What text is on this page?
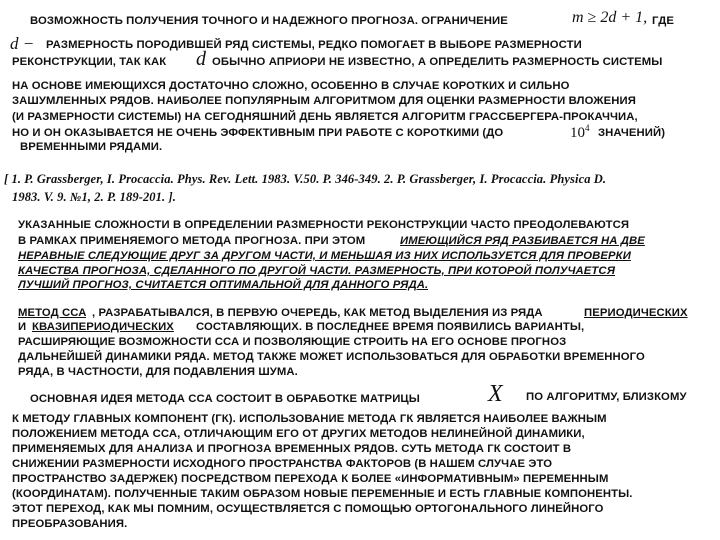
ВОЗМОЖНОСТЬ ПОЛУЧЕНИЯ ТОЧНОГО И НАДЕЖНОГО ПРОГНОЗА. ОГРАНИЧЕНИЕ	m ≥ 2d + 1, ГДЕ
d − РАЗМЕРНОСТЬ ПОРОДИВШЕЙ РЯД СИСТЕМЫ, РЕДКО ПОМОГАЕТ В ВЫБОРЕ РАЗМЕРНОСТИ
РЕКОНСТРУКЦИИ, ТАК КАК d ОБЫЧНО АПРИОРИ НЕ ИЗВЕСТНО, А ОПРЕДЕЛИТЬ РАЗМЕРНОСТЬ СИСТЕМЫ
НА ОСНОВЕ ИМЕЮЩИХСЯ ДОСТАТОЧНО СЛОЖНО, ОСОБЕННО В СЛУЧАЕ КОРОТКИХ И СИЛЬНО
ЗАШУМЛЕННЫХ РЯДОВ. НАИБОЛЕЕ ПОПУЛЯРНЫМ АЛГОРИТМОМ ДЛЯ ОЦЕНКИ РАЗМЕРНОСТИ ВЛОЖЕНИЯ
(И РАЗМЕРНОСТИ СИСТЕМЫ) НА СЕГОДНЯШНИЙ ДЕНЬ ЯВЛЯЕТСЯ АЛГОРИТМ ГРАССБЕРГЕРА-ПРОКАЧЧИА,
НО И ОН ОКАЗЫВАЕТСЯ НЕ ОЧЕНЬ ЭФФЕКТИВНЫМ ПРИ РАБОТЕ С КОРОТКИМИ (ДО	$10^4$ ЗНАЧЕНИЙ)
ВРЕМЕННЫМИ РЯДАМИ.
[ 1. P. Grassberger, I. Procaccia. Phys. Rev. Lett. 1983. V.50. P. 346-349. 2. P. Grassberger, I. Procaccia. Physica D.
1983. V. 9. №1, 2. P. 189-201. ].
УКАЗАННЫЕ СЛОЖНОСТИ В ОПРЕДЕЛЕНИИ РАЗМЕРНОСТИ РЕКОНСТРУКЦИИ ЧАСТО ПРЕОДОЛЕВАЮТСЯ
В РАМКАХ ПРИМЕНЯЕМОГО МЕТОДА ПРОГНОЗА. ПРИ ЭТОМ	ИМЕЮЩИЙСЯ РЯД РАЗБИВАЕТСЯ НА ДВЕ
НЕРАВНЫЕ СЛЕДУЮЩИЕ ДРУГ ЗА ДРУГОМ ЧАСТИ, И МЕНЬШАЯ ИЗ НИХ ИСПОЛЬЗУЕТСЯ ДЛЯ ПРОВЕРКИ
КАЧЕСТВА ПРОГНОЗА, СДЕЛАННОГО ПО ДРУГОЙ ЧАСТИ. РАЗМЕРНОСТЬ, ПРИ КОТОРОЙ ПОЛУЧАЕТСЯ
ЛУЧШИЙ ПРОГНОЗ, СЧИТАЕТСЯ ОПТИМАЛЬНОЙ ДЛЯ ДАННОГО РЯДА.
МЕТОД ССА , РАЗРАБАТЫВАЛСЯ, В ПЕРВУЮ ОЧЕРЕДЬ, КАК МЕТОД ВЫДЕЛЕНИЯ ИЗ РЯДА	ПЕРИОДИЧЕСКИХ
И КВАЗИПЕРИОДИЧЕСКИХ СОСТАВЛЯЮЩИХ. В ПОСЛЕДНЕЕ ВРЕМЯ ПОЯВИЛИСЬ ВАРИАНТЫ,
РАСШИРЯЮЩИЕ ВОЗМОЖНОСТИ ССА И ПОЗВОЛЯЮЩИЕ СТРОИТЬ НА ЕГО ОСНОВЕ ПРОГНОЗ
ДАЛЬНЕЙШЕЙ ДИНАМИКИ РЯДА. МЕТОД ТАКЖЕ МОЖЕТ ИСПОЛЬЗОВАТЬСЯ ДЛЯ ОБРАБОТКИ ВРЕМЕННОГО
РЯДА, В ЧАСТНОСТИ, ДЛЯ ПОДАВЛЕНИЯ ШУМА.
ОСНОВНАЯ ИДЕЯ МЕТОДА ССА СОСТОИТ В ОБРАБОТКЕ МАТРИЦЫ	X ПО АЛГОРИТМУ, БЛИЗКОМУ
К МЕТОДУ ГЛАВНЫХ КОМПОНЕНТ (ГК). ИСПОЛЬЗОВАНИЕ МЕТОДА ГК ЯВЛЯЕТСЯ НАИБОЛЕЕ ВАЖНЫМ
ПОЛОЖЕНИЕМ МЕТОДА ССА, ОТЛИЧАЮЩИМ ЕГО ОТ ДРУГИХ МЕТОДОВ НЕЛИНЕЙНОЙ ДИНАМИКИ,
ПРИМЕНЯЕМЫХ ДЛЯ АНАЛИЗА И ПРОГНОЗА ВРЕМЕННЫХ РЯДОВ. СУТЬ МЕТОДА ГК СОСТОИТ В
СНИЖЕНИИ РАЗМЕРНОСТИ ИСХОДНОГО ПРОСТРАНСТВА ФАКТОРОВ (В НАШЕМ СЛУЧАЕ ЭТО
ПРОСТРАНСТВО ЗАДЕРЖЕК) ПОСРЕДСТВОМ ПЕРЕХОДА К БОЛЕЕ «ИНФОРМАТИВНЫМ» ПЕРЕМЕННЫМ
(КООРДИНАТАМ). ПОЛУЧЕННЫЕ ТАКИМ ОБРАЗОМ НОВЫЕ ПЕРЕМЕННЫЕ И ЕСТЬ ГЛАВНЫЕ КОМПОНЕНТЫ.
ЭТОТ ПЕРЕХОД, КАК МЫ ПОМНИМ, ОСУЩЕСТВЛЯЕТСЯ С ПОМОЩЬЮ ОРТОГОНАЛЬНОГО ЛИНЕЙНОГО
ПРЕОБРАЗОВАНИЯ.
